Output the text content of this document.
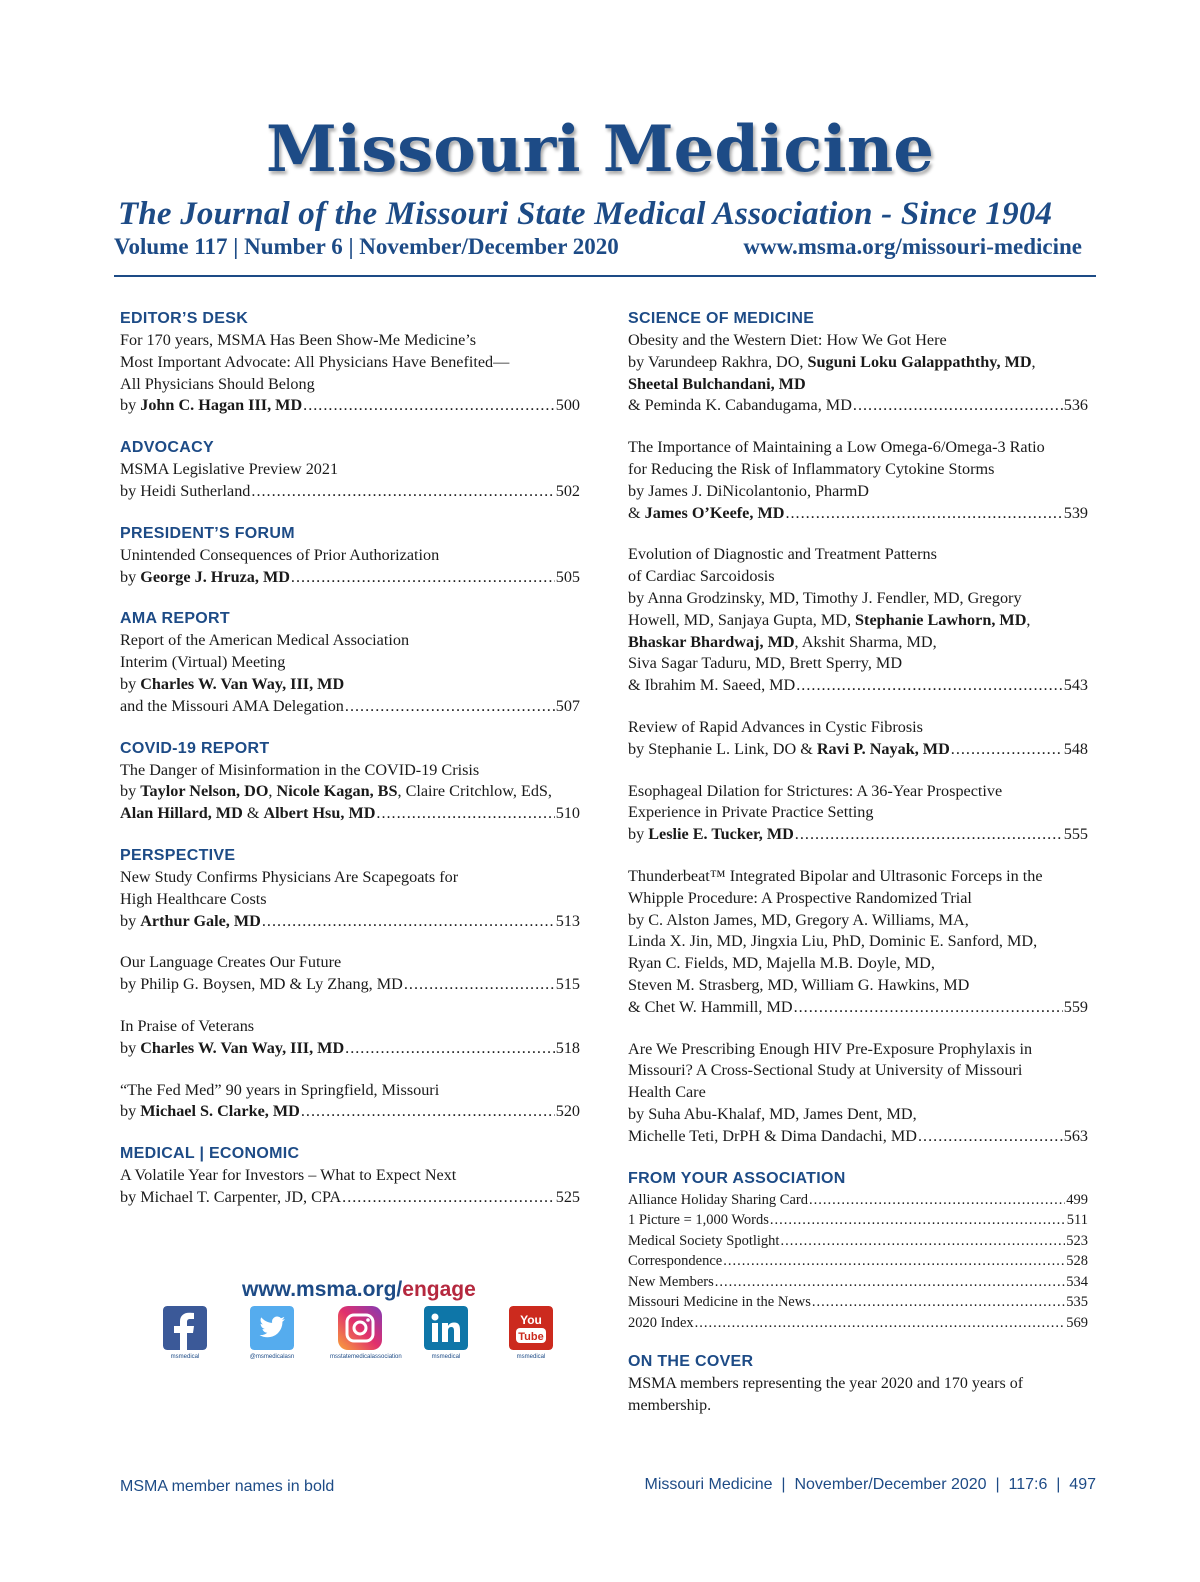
Missouri Medicine
The Journal of the Missouri State Medical Association - Since 1904
Volume 117 | Number 6 | November/December 2020	www.msma.org/missouri-medicine
EDITOR’S DESK
For 170 years, MSMA Has Been Show-Me Medicine’s
Most Important Advocate: All Physicians Have Benefited—
All Physicians Should Belong
by John C. Hagan III, MD .....	500
ADVOCACY
MSMA Legislative Preview 2021
by Heidi Sutherland .....	502
PRESIDENT’S FORUM
Unintended Consequences of Prior Authorization
by George J. Hruza, MD .....	505
AMA REPORT
Report of the American Medical Association
Interim (Virtual) Meeting
by Charles W. Van Way, III, MD
and the Missouri AMA Delegation .....	507
COVID-19 REPORT
The Danger of Misinformation in the COVID-19 Crisis
by Taylor Nelson, DO, Nicole Kagan, BS, Claire Critchlow, EdS,
Alan Hillard, MD & Albert Hsu, MD .....	510
PERSPECTIVE
New Study Confirms Physicians Are Scapegoats for
High Healthcare Costs
by Arthur Gale, MD .....	513
Our Language Creates Our Future
by Philip G. Boysen, MD & Ly Zhang, MD .....	515
In Praise of Veterans
by Charles W. Van Way, III, MD .....	518
“The Fed Med” 90 years in Springfield, Missouri
by Michael S. Clarke, MD .....	520
MEDICAL | ECONOMIC
A Volatile Year for Investors – What to Expect Next
by Michael T. Carpenter, JD, CPA .....	525
SCIENCE OF MEDICINE
Obesity and the Western Diet: How We Got Here
by Varundeep Rakhra, DO, Suguni Loku Galappaththy, MD,
Sheetal Bulchandani, MD
& Peminda K. Cabandugama, MD .....	536
The Importance of Maintaining a Low Omega-6/Omega-3 Ratio
for Reducing the Risk of Inflammatory Cytokine Storms
by James J. DiNicolantonio, PharmD
& James O’Keefe, MD .....	539
Evolution of Diagnostic and Treatment Patterns
of Cardiac Sarcoidosis
by Anna Grodzinsky, MD, Timothy J. Fendler, MD, Gregory
Howell, MD, Sanjaya Gupta, MD, Stephanie Lawhorn, MD,
Bhaskar Bhardwaj, MD, Akshit Sharma, MD,
Siva Sagar Taduru, MD, Brett Sperry, MD
& Ibrahim M. Saeed, MD .....	543
Review of Rapid Advances in Cystic Fibrosis
by Stephanie L. Link, DO & Ravi P. Nayak, MD .....	548
Esophageal Dilation for Strictures: A 36-Year Prospective
Experience in Private Practice Setting
by Leslie E. Tucker, MD .....	555
Thunderbeat™ Integrated Bipolar and Ultrasonic Forceps in the
Whipple Procedure: A Prospective Randomized Trial
by C. Alston James, MD, Gregory A. Williams, MA,
Linda X. Jin, MD, Jingxia Liu, PhD, Dominic E. Sanford, MD,
Ryan C. Fields, MD, Majella M.B. Doyle, MD,
Steven M. Strasberg, MD, William G. Hawkins, MD
& Chet W. Hammill, MD .....	559
Are We Prescribing Enough HIV Pre-Exposure Prophylaxis in
Missouri? A Cross-Sectional Study at University of Missouri
Health Care
by Suha Abu-Khalaf, MD, James Dent, MD,
Michelle Teti, DrPH & Dima Dandachi, MD .....	563
FROM YOUR ASSOCIATION
Alliance Holiday Sharing Card .....	499
1 Picture = 1,000 Words .....	511
Medical Society Spotlight .....	523
Correspondence .....	528
New Members .....	534
Missouri Medicine in the News .....	535
2020 Index .....	569
ON THE COVER
MSMA members representing the year 2020 and 170 years of membership.
www.msma.org/engage
msmedical	@msmedicalasn	msstatemedicalassociation	msmedical
You
Tube
msmedical
MSMA member names in bold	Missouri Medicine  |  November/December 2020  |  117:6  |  497
